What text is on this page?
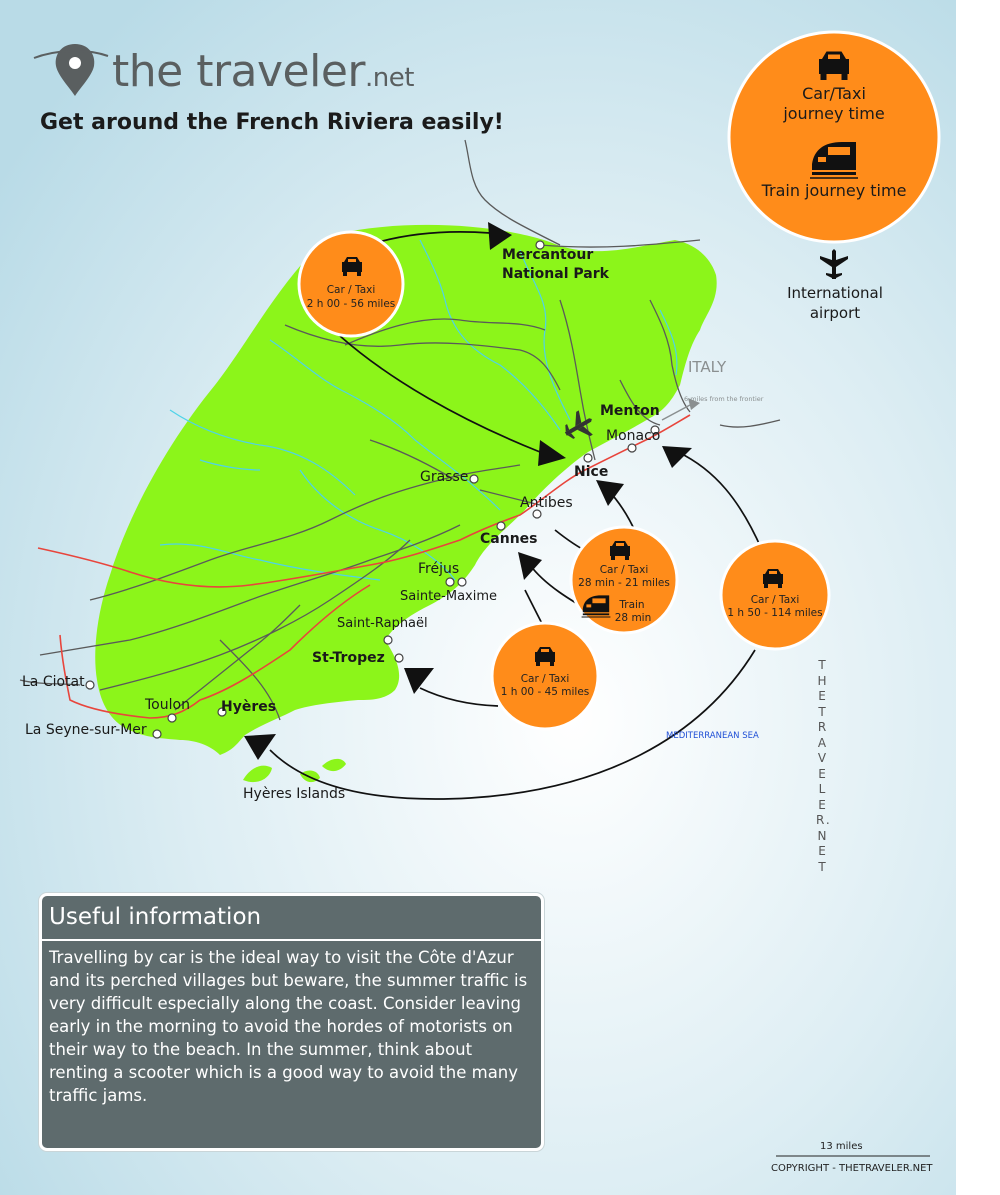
the traveler.net
Get around the French Riviera easily!
Car/Taxi
journey time
Train journey time
International
airport
ITALY
6 miles from the frontier
MEDITERRANEAN SEA
Mercantour
National Park
Menton
Monaco
Nice
Grasse
Antibes
Cannes
Fréjus
Sainte-Maxime
Saint-Raphaël
St-Tropez
La Ciotat
Toulon Hyères
La Seyne-sur-Mer
Hyères Islands
Car / Taxi
2 h 00 - 56 miles
Car / Taxi
28 min - 21 miles
Train
28 min
Car / Taxi
1 h 00 - 45 miles
Car / Taxi
1 h 50 - 114 miles
THETRAVELER.NET
Useful information

Travelling by car is the ideal way to visit the Côte d'Azur and its perched villages but beware, the summer traffic is very difficult especially along the coast. Consider leaving early in the morning to avoid the hordes of motorists on their way to the beach. In the summer, think about renting a scooter which is a good way to avoid the many traffic jams.

13 miles
COPYRIGHT - THETRAVELER.NET
